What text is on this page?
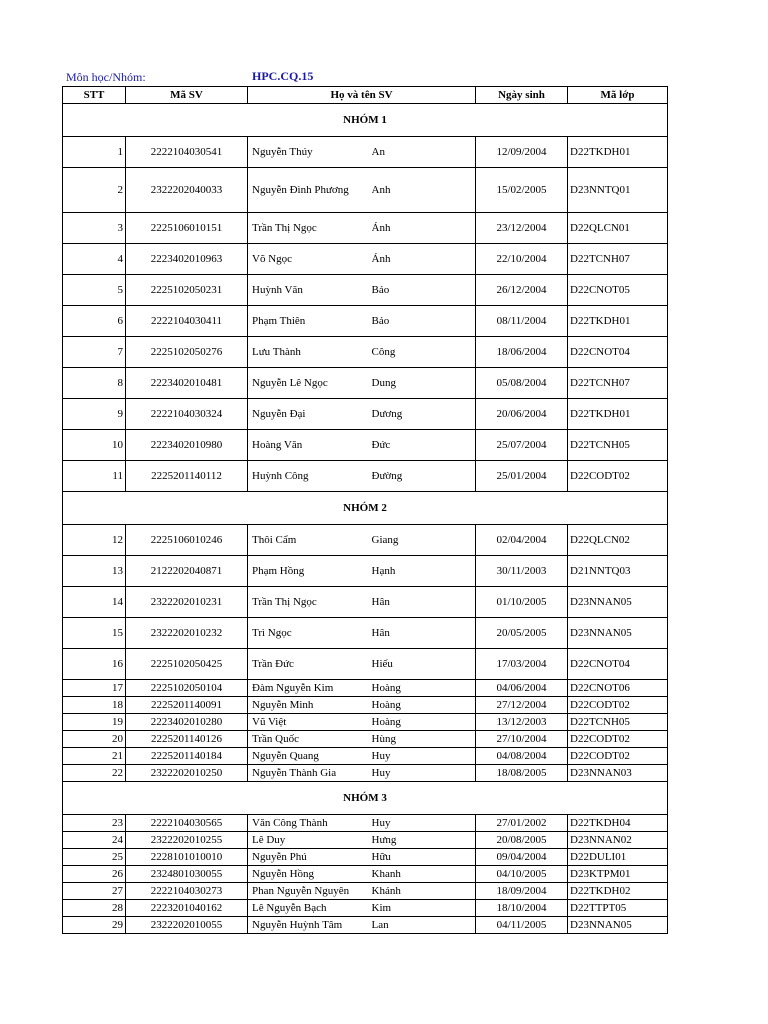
Môn học/Nhóm:	HPC.CQ.15
STT	Mã SV	Họ và tên SV		Ngày sinh	Mã lớp
NHÓM 1					
1	2222104030541	Nguyễn Thúy	An	12/09/2004	D22TKDH01
2	2322202040033	Nguyễn Đình Phương	Anh	15/02/2005	D23NNTQ01
3	2225106010151	Trần Thị Ngọc	Ánh	23/12/2004	D22QLCN01
4	2223402010963	Võ Ngọc	Ánh	22/10/2004	D22TCNH07
5	2225102050231	Huỳnh Văn	Bảo	26/12/2004	D22CNOT05
6	2222104030411	Phạm Thiên	Bảo	08/11/2004	D22TKDH01
7	2225102050276	Lưu Thành	Công	18/06/2004	D22CNOT04
8	2223402010481	Nguyễn Lê Ngọc	Dung	05/08/2004	D22TCNH07
9	2222104030324	Nguyễn Đại	Dương	20/06/2004	D22TKDH01
10	2223402010980	Hoàng Văn	Đức	25/07/2004	D22TCNH05
11	2225201140112	Huỳnh Công	Đường	25/01/2004	D22CODT02
NHÓM 2					
12	2225106010246	Thôi Cẩm	Giang	02/04/2004	D22QLCN02
13	2122202040871	Phạm Hồng	Hạnh	30/11/2003	D21NNTQ03
14	2322202010231	Trần Thị Ngọc	Hân	01/10/2005	D23NNAN05
15	2322202010232	Trì Ngọc	Hân	20/05/2005	D23NNAN05
16	2225102050425	Trần Đức	Hiếu	17/03/2004	D22CNOT04
17	2225102050104	Đàm Nguyễn Kim	Hoàng	04/06/2004	D22CNOT06
18	2225201140091	Nguyễn Minh	Hoàng	27/12/2004	D22CODT02
19	2223402010280	Vũ Việt	Hoàng	13/12/2003	D22TCNH05
20	2225201140126	Trần Quốc	Hùng	27/10/2004	D22CODT02
21	2225201140184	Nguyễn Quang	Huy	04/08/2004	D22CODT02
22	2322202010250	Nguyễn Thành Gia	Huy	18/08/2005	D23NNAN03
NHÓM 3					
23	2222104030565	Văn Công Thành	Huy	27/01/2002	D22TKDH04
24	2322202010255	Lê Duy	Hưng	20/08/2005	D23NNAN02
25	2228101010010	Nguyễn Phú	Hữu	09/04/2004	D22DULI01
26	2324801030055	Nguyễn Hồng	Khanh	04/10/2005	D23KTPM01
27	2222104030273	Phan Nguyễn Nguyên	Khánh	18/09/2004	D22TKDH02
28	2223201040162	Lê Nguyễn Bạch	Kim	18/10/2004	D22TTPT05
29	2322202010055	Nguyễn Huỳnh Tâm	Lan	04/11/2005	D23NNAN05
